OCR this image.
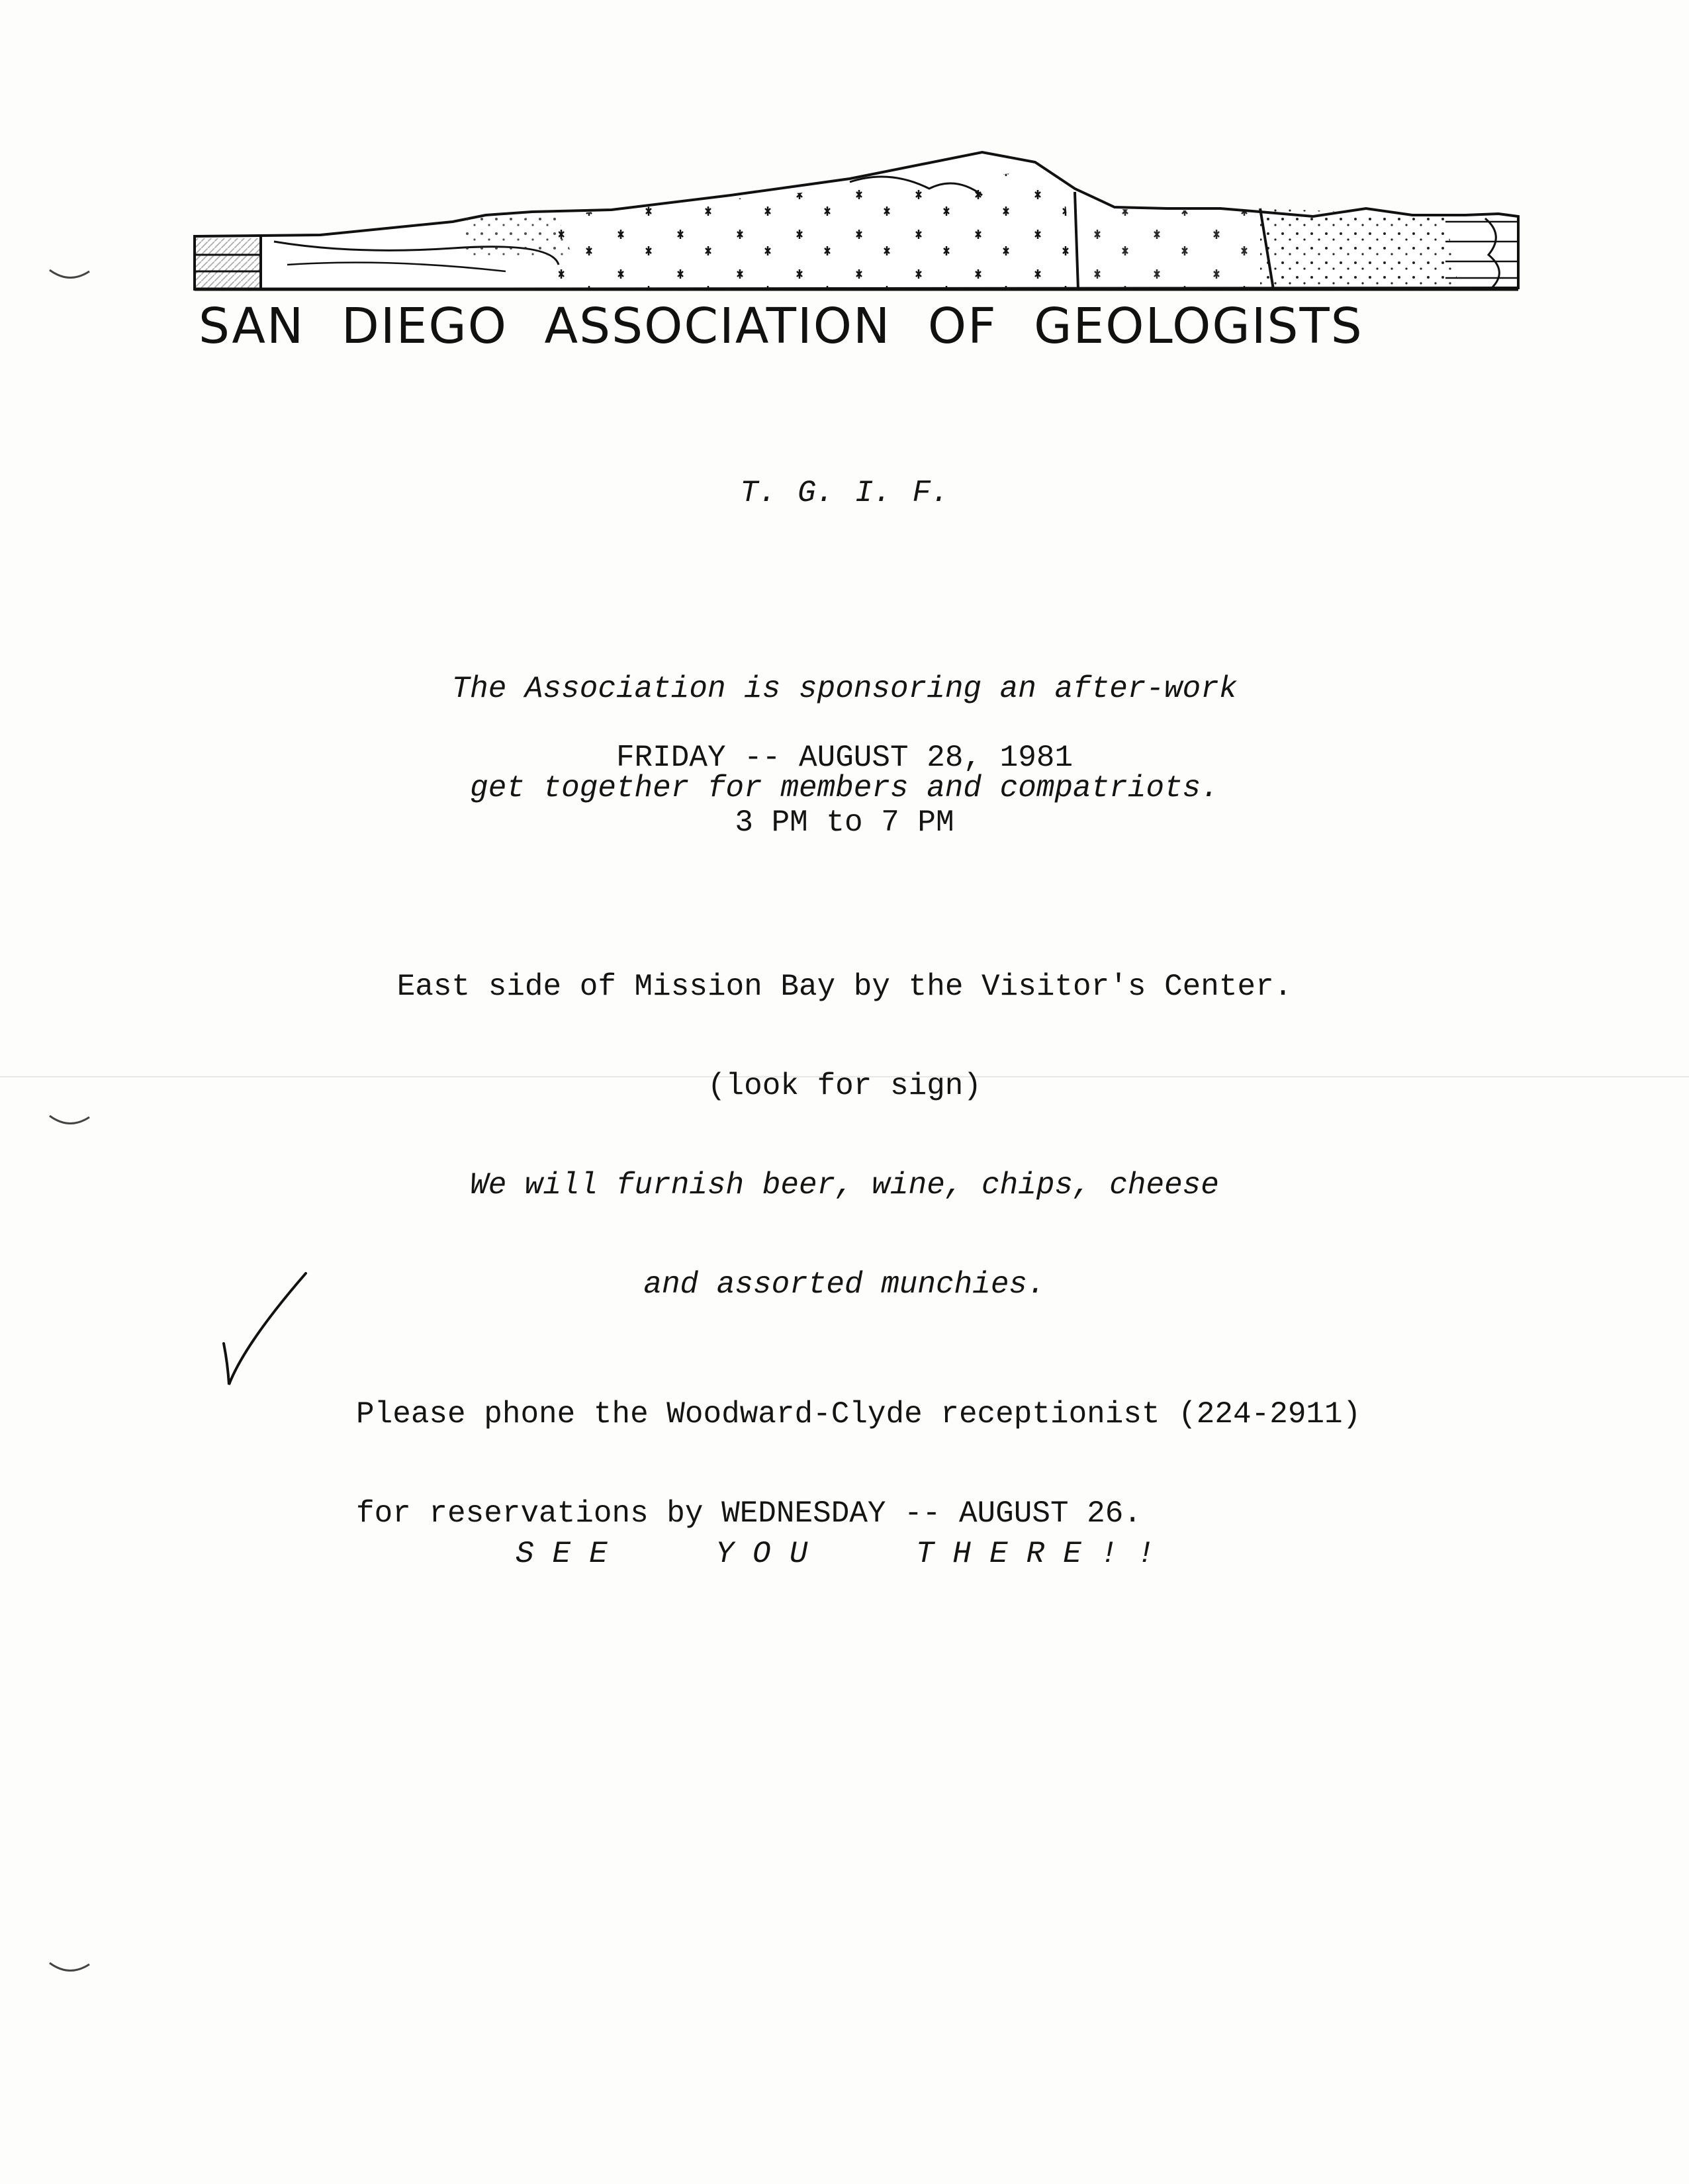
SAN DIEGO ASSOCIATION OF GEOLOGISTS
T. G. I. F.

The Association is sponsoring an after-work

get together for members and compatriots.

FRIDAY -- AUGUST 28, 1981
3 PM to 7 PM

East side of Mission Bay by the Visitor's Center.

(look for sign)

We will furnish beer, wine, chips, cheese

and assorted munchies.

Please phone the Woodward-Clyde receptionist (224-2911)

for reservations by WEDNESDAY -- AUGUST 26.

SEE YOU THERE!!
